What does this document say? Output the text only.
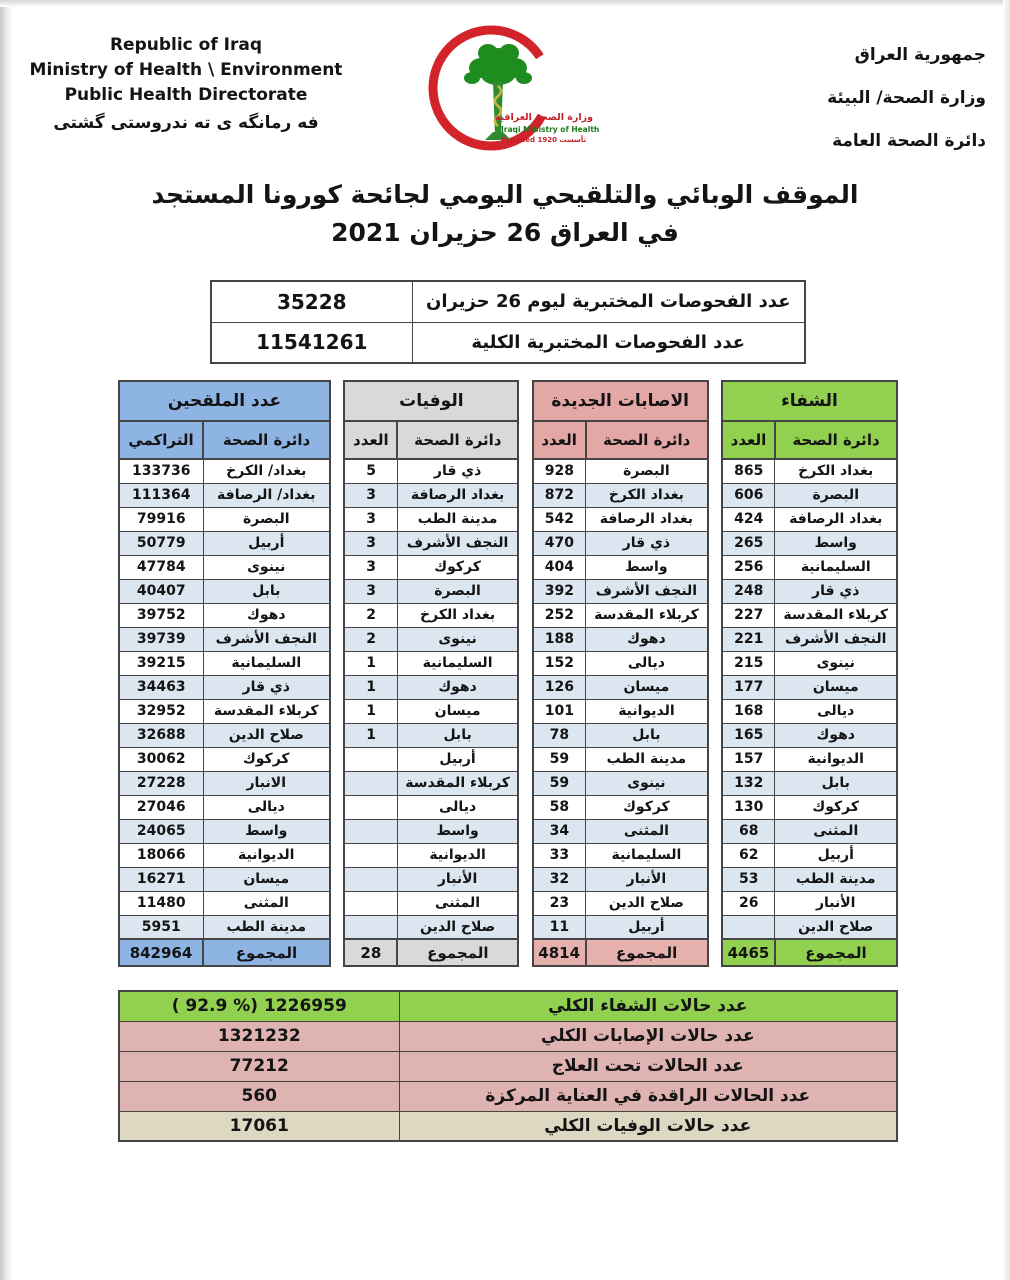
Republic of Iraq
Ministry of Health \ Environment
Public Health Directorate
فه رمانگه ى ته ندروستى گشتى	وزارة الصحة العراقية
Iraqi Ministry of Health
Founded 1920 تأسست
جمهورية العراق
وزارة الصحة/ البيئة
دائرة الصحة العامة
الموقف الوبائي والتلقيحي اليومي لجائحة كورونا المستجد
في العراق 26 حزيران 2021
35228	عدد الفحوصات المختبرية ليوم 26 حزيران
11541261	عدد الفحوصات المختبرية الكلية
عدد الملقحين	
التراكمي	دائرة الصحة
133736	بغداد/ الكرخ
111364	بغداد/ الرصافة
79916	البصرة
50779	أربيل
47784	نينوى
40407	بابل
39752	دهوك
39739	النجف الأشرف
39215	السليمانية
34463	ذي قار
32952	كربلاء المقدسة
32688	صلاح الدين
30062	كركوك
27228	الانبار
27046	ديالى
24065	واسط
18066	الديوانية
16271	ميسان
11480	المثنى
5951	مدينة الطب
842964	المجموع
الوفيات	
العدد	دائرة الصحة
5	ذي قار
3	بغداد الرصافة
3	مدينة الطب
3	النجف الأشرف
3	كركوك
3	البصرة
2	بغداد الكرخ
2	نينوى
1	السليمانية
1	دهوك
1	ميسان
1	بابل
	أربيل
	كربلاء المقدسة
	ديالى
	واسط
	الديوانية
	الأنبار
	المثنى
	صلاح الدين
28	المجموع
الاصابات الجديدة	
العدد	دائرة الصحة
928	البصرة
872	بغداد الكرخ
542	بغداد الرصافة
470	ذي قار
404	واسط
392	النجف الأشرف
252	كربلاء المقدسة
188	دهوك
152	ديالى
126	ميسان
101	الديوانية
78	بابل
59	مدينة الطب
59	نينوى
58	كركوك
34	المثنى
33	السليمانية
32	الأنبار
23	صلاح الدين
11	أربيل
4814	المجموع
الشفاء	
العدد	دائرة الصحة
865	بغداد الكرخ
606	البصرة
424	بغداد الرصافة
265	واسط
256	السليمانية
248	ذي قار
227	كربلاء المقدسة
221	النجف الأشرف
215	نينوى
177	ميسان
168	ديالى
165	دهوك
157	الديوانية
132	بابل
130	كركوك
68	المثنى
62	أربيل
53	مدينة الطب
26	الأنبار
	صلاح الدين
4465	المجموع
( 92.9 %) 1226959	عدد حالات الشفاء الكلي
1321232	عدد حالات الإصابات الكلي
77212	عدد الحالات تحت العلاج
560	عدد الحالات الراقدة في العناية المركزة
17061	عدد حالات الوفيات الكلي
